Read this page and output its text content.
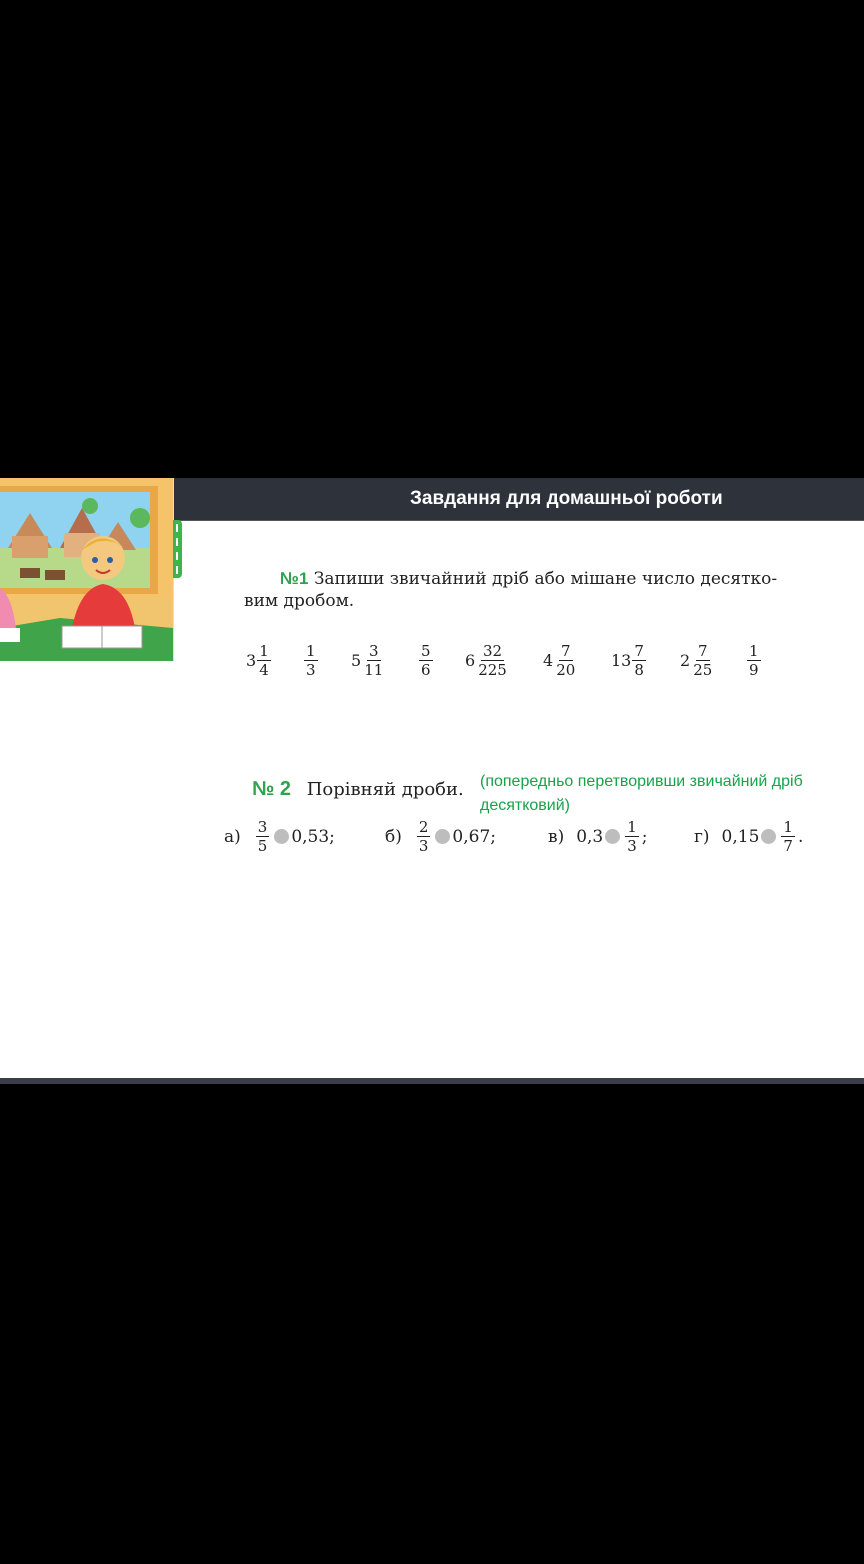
Завдання для домашньої роботи
№1 Запиши звичайний дріб або мішане число десятко-
вим дробом.
$3 \frac{1}{4} \frac{1}{3} 5 \frac{3}{11} \frac{5}{6} 6 \frac{32}{225} 4 \frac{7}{20} 13 \frac{7}{8} 2 \frac{7}{25} \frac{1}{9}$
№ 2 Порівняй дроби. (попередньо перетворивши звичайний дріб
десятковий)
$а) \frac{3}{5} 0,53$;	$б) \frac{2}{3} 0,67$;	в) $0,3 \frac{1}{3}$ ;	г) $0,15 \frac{1}{7}$ .
